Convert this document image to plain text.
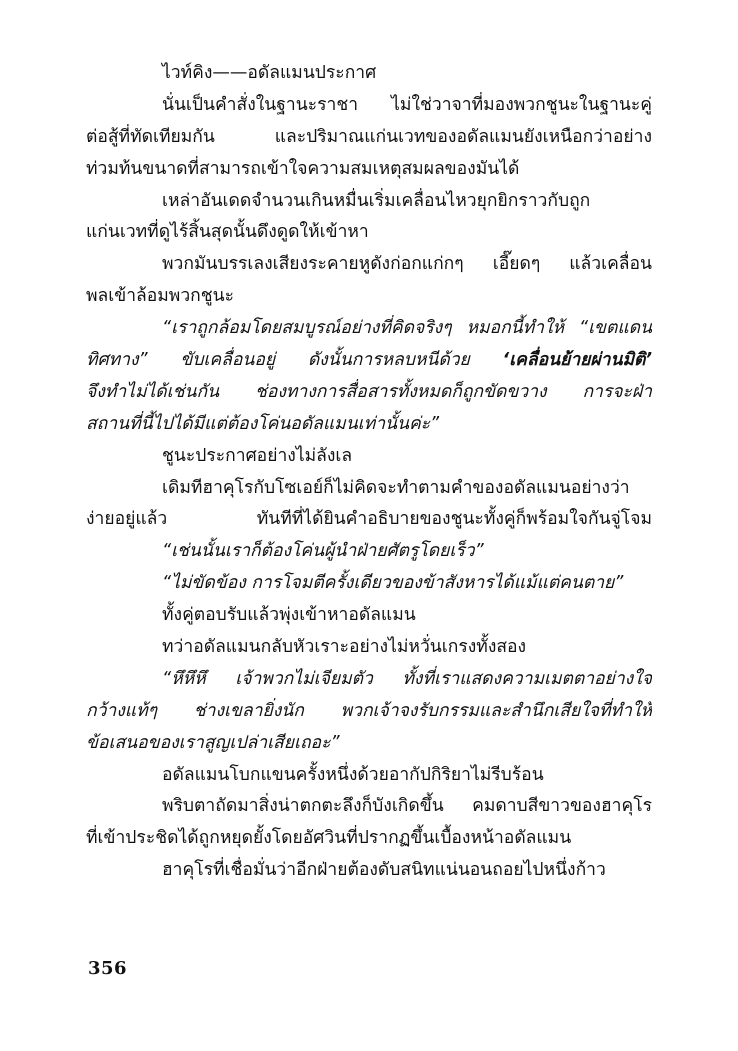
ไวท์คิง——อดัลแมนประกาศ
นั่นเป็นคำสั่งในฐานะราชา ไม่ใช่วาจาที่มองพวกชูนะในฐานะคู่
ต่อสู้ที่ทัดเทียมกัน และปริมาณแก่นเวทของอดัลแมนยังเหนือกว่าอย่าง
ท่วมท้นขนาดที่สามารถเข้าใจความสมเหตุสมผลของมันได้
เหล่าอันเดดจำนวนเกินหมื่นเริ่มเคลื่อนไหวยุกยิกราวกับถูก
แก่นเวทที่ดูไร้สิ้นสุดนั้นดึงดูดให้เข้าหา
พวกมันบรรเลงเสียงระคายหูดังก่อกแก่กๆ เอี๊ยดๆ แล้วเคลื่อน
พลเข้าล้อมพวกชูนะ
“เราถูกล้อมโดยสมบูรณ์อย่างที่คิดจริงๆ หมอกนี้ทำให้ “เขตแดน
ทิศทาง” ขับเคลื่อนอยู่ ดังนั้นการหลบหนีด้วย ‘เคลื่อนย้ายผ่านมิติ’
จึงทำไม่ได้เช่นกัน ช่องทางการสื่อสารทั้งหมดก็ถูกขัดขวาง การจะฝ่า
สถานที่นี้ไปได้มีแต่ต้องโค่นอดัลแมนเท่านั้นค่ะ”
ชูนะประกาศอย่างไม่ลังเล
เดิมทีฮาคุโรกับโซเอย์ก็ไม่คิดจะทำตามคำของอดัลแมนอย่างว่า
ง่ายอยู่แล้ว ทันทีที่ได้ยินคำอธิบายของชูนะทั้งคู่ก็พร้อมใจกันจู่โจม
“เช่นนั้นเราก็ต้องโค่นผู้นำฝ่ายศัตรูโดยเร็ว”
“ไม่ขัดข้อง การโจมตีครั้งเดียวของข้าสังหารได้แม้แต่คนตาย”
ทั้งคู่ตอบรับแล้วพุ่งเข้าหาอดัลแมน
ทว่าอดัลแมนกลับหัวเราะอย่างไม่หวั่นเกรงทั้งสอง
“หึหึหึ เจ้าพวกไม่เจียมตัว ทั้งที่เราแสดงความเมตตาอย่างใจ
กว้างแท้ๆ ช่างเขลายิ่งนัก พวกเจ้าจงรับกรรมและสำนึกเสียใจที่ทำให้
ข้อเสนอของเราสูญเปล่าเสียเถอะ”
อดัลแมนโบกแขนครั้งหนึ่งด้วยอากัปกิริยาไม่รีบร้อน
พริบตาถัดมาสิ่งน่าตกตะลึงก็บังเกิดขึ้น คมดาบสีขาวของฮาคุโร
ที่เข้าประชิดได้ถูกหยุดยั้งโดยอัศวินที่ปรากฏขึ้นเบื้องหน้าอดัลแมน
ฮาคุโรที่เชื่อมั่นว่าอีกฝ่ายต้องดับสนิทแน่นอนถอยไปหนึ่งก้าว
356
